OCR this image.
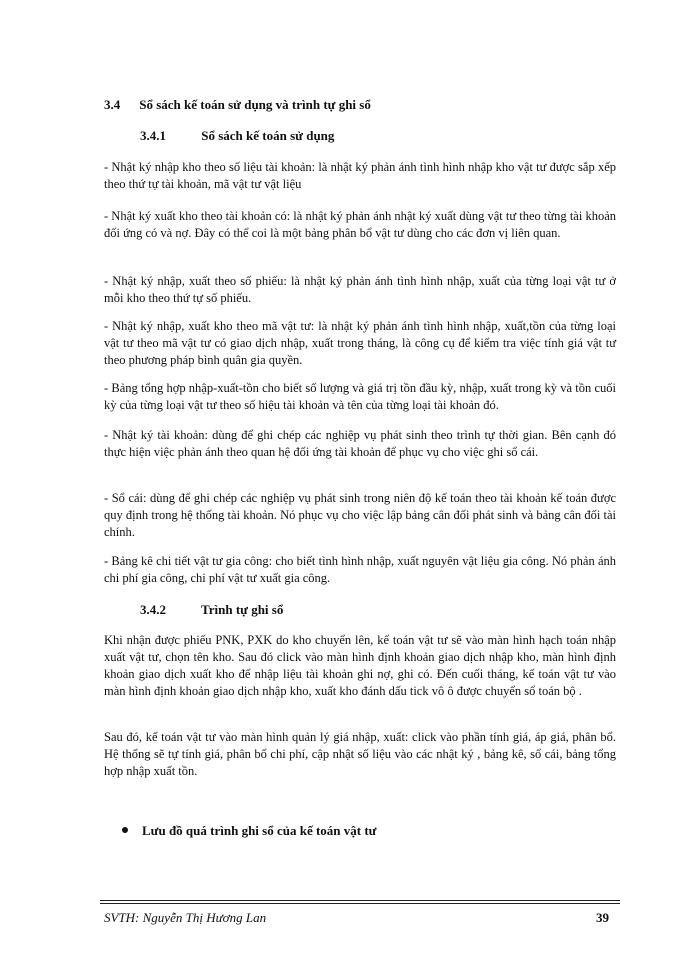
3.4 Sổ sách kế toán sử dụng và trình tự ghi sổ
3.4.1	Sổ sách kế toán sử dụng

- Nhật ký nhập kho theo số liệu tài khoản: là nhật ký phản ánh tình hình nhập kho vật tư được sắp xếp theo thứ tự tài khoản, mã vật tư vật liệu

- Nhật ký xuất kho theo tài khoản có: là nhật ký phản ánh nhật ký xuất dùng vật tư theo từng tài khoản đối ứng có và nợ. Đây có thể coi là một bảng phân bổ vật tư dùng cho các đơn vị liên quan.

- Nhật ký nhập, xuất theo số phiếu: là nhật ký phản ánh tình hình nhập, xuất của từng loại vật tư ở mỗi kho theo thứ tự số phiếu.

- Nhật ký nhập, xuất kho theo mã vật tư: là nhật ký phản ánh tình hình nhập, xuất,tồn của từng loại vật tư theo mã vật tư có giao dịch nhập, xuất trong tháng, là công cụ để kiểm tra việc tính giá vật tư theo phương pháp bình quân gia quyền.

- Bảng tổng hợp nhập-xuất-tồn cho biết số lượng và giá trị tồn đầu kỳ, nhập, xuất trong kỳ và tồn cuối kỳ của từng loại vật tư theo số hiệu tài khoản và tên của từng loại tài khoản đó.

- Nhật ký tài khoản: dùng để ghi chép các nghiệp vụ phát sinh theo trình tự thời gian. Bên cạnh đó thực hiện việc phản ánh theo quan hệ đối ứng tài khoản để phục vụ cho việc ghi sổ cái.

- Sổ cái: dùng để ghi chép các nghiệp vụ phát sinh trong niên độ kế toán theo tài khoản kế toán được quy định trong hệ thống tài khoản. Nó phục vụ cho việc lập bảng cân đối phát sinh và bảng cân đối tài chính.

- Bảng kê chi tiết vật tư gia công: cho biết tình hình nhập, xuất nguyên vật liệu gia công. Nó phản ánh chi phí gia công, chi phí vật tư xuất gia công.

3.4.2	Trình tự ghi sổ

Khi nhận được phiếu PNK, PXK do kho chuyển lên, kế toán vật tư sẽ vào màn hình hạch toán nhập xuất vật tư, chọn tên kho. Sau đó click vào màn hình định khoản giao dịch nhập kho, màn hình định khoản giao dịch xuất kho để nhập liệu tài khoản ghi nợ, ghi có. Đến cuối tháng, kế toán vật tư vào màn hình định khoản giao dịch nhập kho, xuất kho đánh dấu tick vô ô được chuyển sổ toán bộ .

Sau đó, kế toán vật tư vào màn hình quản lý giá nhập, xuất: click vào phần tính giá, áp giá, phân bổ. Hệ thống sẽ tự tính giá, phân bổ chi phí, cập nhật số liệu vào các nhật ký , bảng kê, sổ cái, bảng tổng hợp nhập xuất tồn.

Lưu đồ quá trình ghi sổ của kế toán vật tư
SVTH: Nguyễn Thị Hương Lan	39
